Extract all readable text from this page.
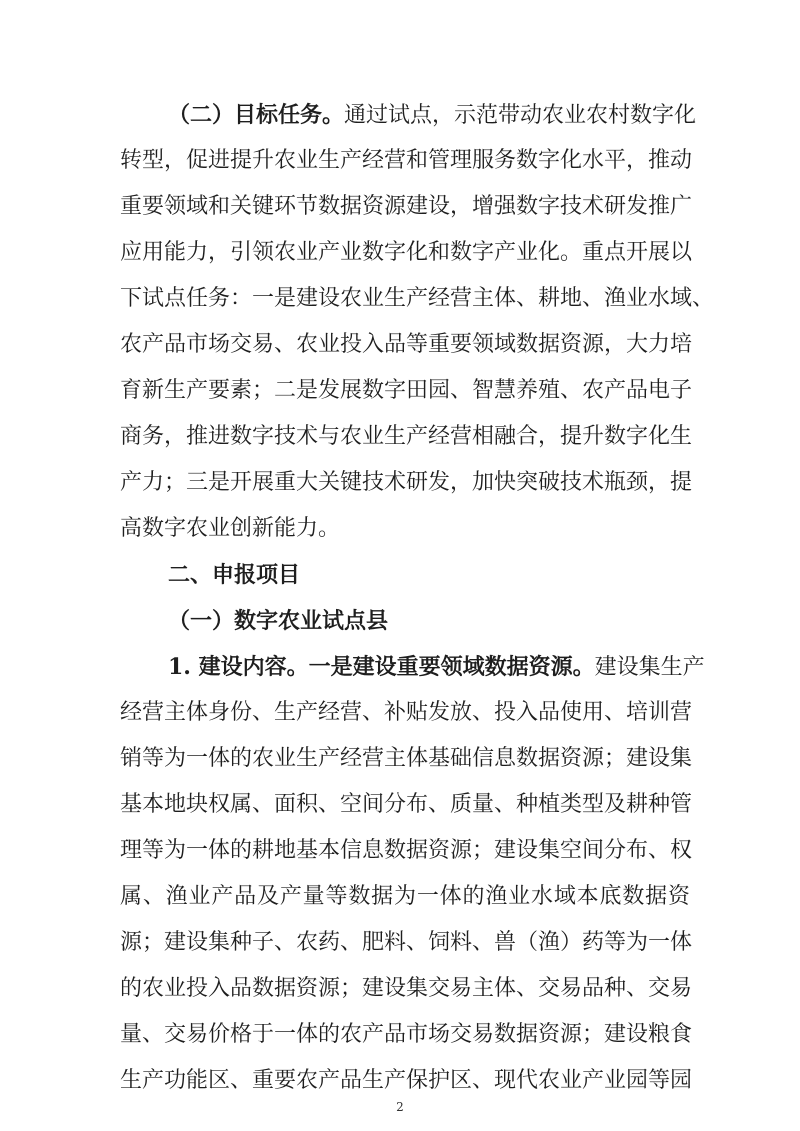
（二）目标任务。通过试点，示范带动农业农村数字化
转型，促进提升农业生产经营和管理服务数字化水平，推动
重要领域和关键环节数据资源建设，增强数字技术研发推广
应用能力，引领农业产业数字化和数字产业化。重点开展以
下试点任务：一是建设农业生产经营主体、耕地、渔业水域、
农产品市场交易、农业投入品等重要领域数据资源，大力培
育新生产要素；二是发展数字田园、智慧养殖、农产品电子
商务，推进数字技术与农业生产经营相融合，提升数字化生
产力；三是开展重大关键技术研发，加快突破技术瓶颈，提
高数字农业创新能力。
二、申报项目
（一）数字农业试点县
1. 建设内容。一是建设重要领域数据资源。建设集生产
经营主体身份、生产经营、补贴发放、投入品使用、培训营
销等为一体的农业生产经营主体基础信息数据资源；建设集
基本地块权属、面积、空间分布、质量、种植类型及耕种管
理等为一体的耕地基本信息数据资源；建设集空间分布、权
属、渔业产品及产量等数据为一体的渔业水域本底数据资
源；建设集种子、农药、肥料、饲料、兽（渔）药等为一体
的农业投入品数据资源；建设集交易主体、交易品种、交易
2
量、交易价格于一体的农产品市场交易数据资源；建设粮食
生产功能区、重要农产品生产保护区、现代农业产业园等园
